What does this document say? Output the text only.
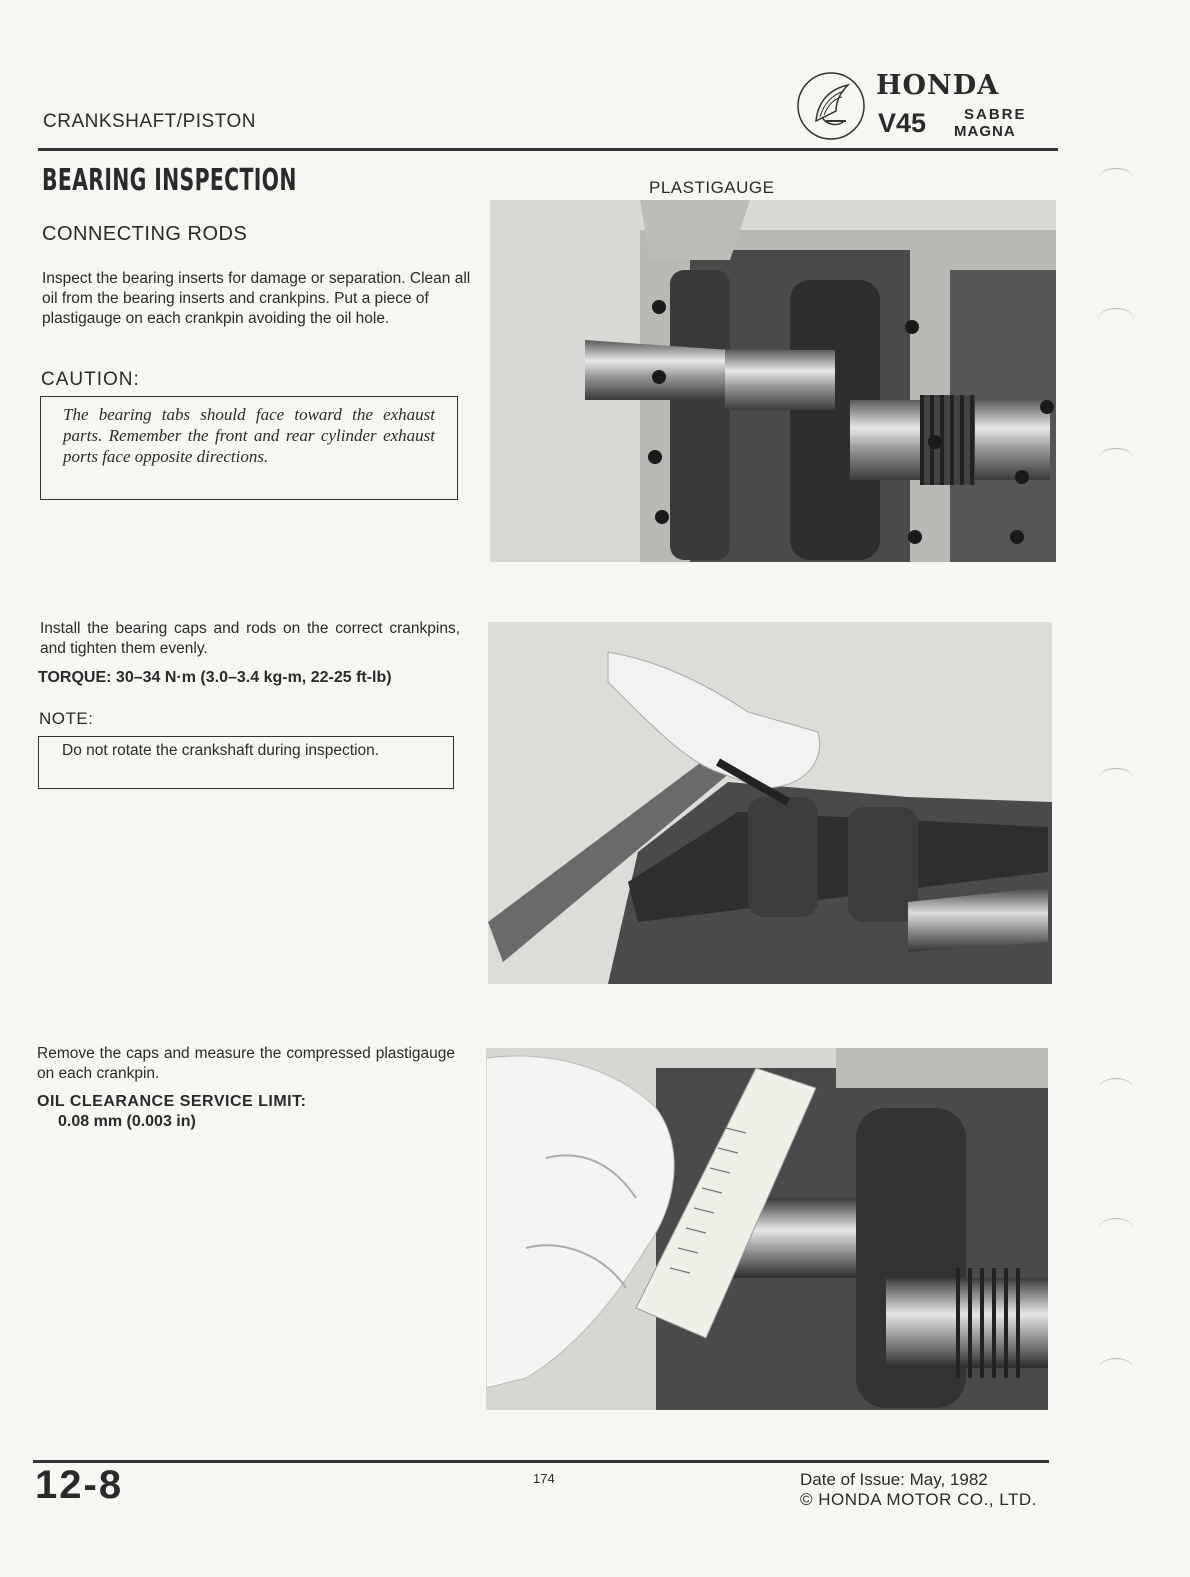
CRANKSHAFT/PISTON
HONDA
V45	SABRE
MAGNA
BEARING INSPECTION
CONNECTING RODS
Inspect the bearing inserts for damage or separation. Clean all oil from the bearing inserts and crankpins. Put a piece of plastigauge on each crankpin avoiding the oil hole.
CAUTION:
The bearing tabs should face toward the exhaust parts. Remember the front and rear cylinder exhaust ports face opposite directions.
Install the bearing caps and rods on the correct crankpins, and tighten them evenly.
TORQUE: 30–34 N·m (3.0–3.4 kg-m, 22-25 ft-lb)
NOTE:
Do not rotate the crankshaft during inspection.
Remove the caps and measure the compressed plastigauge on each crankpin.
OIL CLEARANCE SERVICE LIMIT:
0.08 mm (0.003 in)
PLASTIGAUGE
12-8	174	Date of Issue: May, 1982
© HONDA MOTOR CO., LTD.
